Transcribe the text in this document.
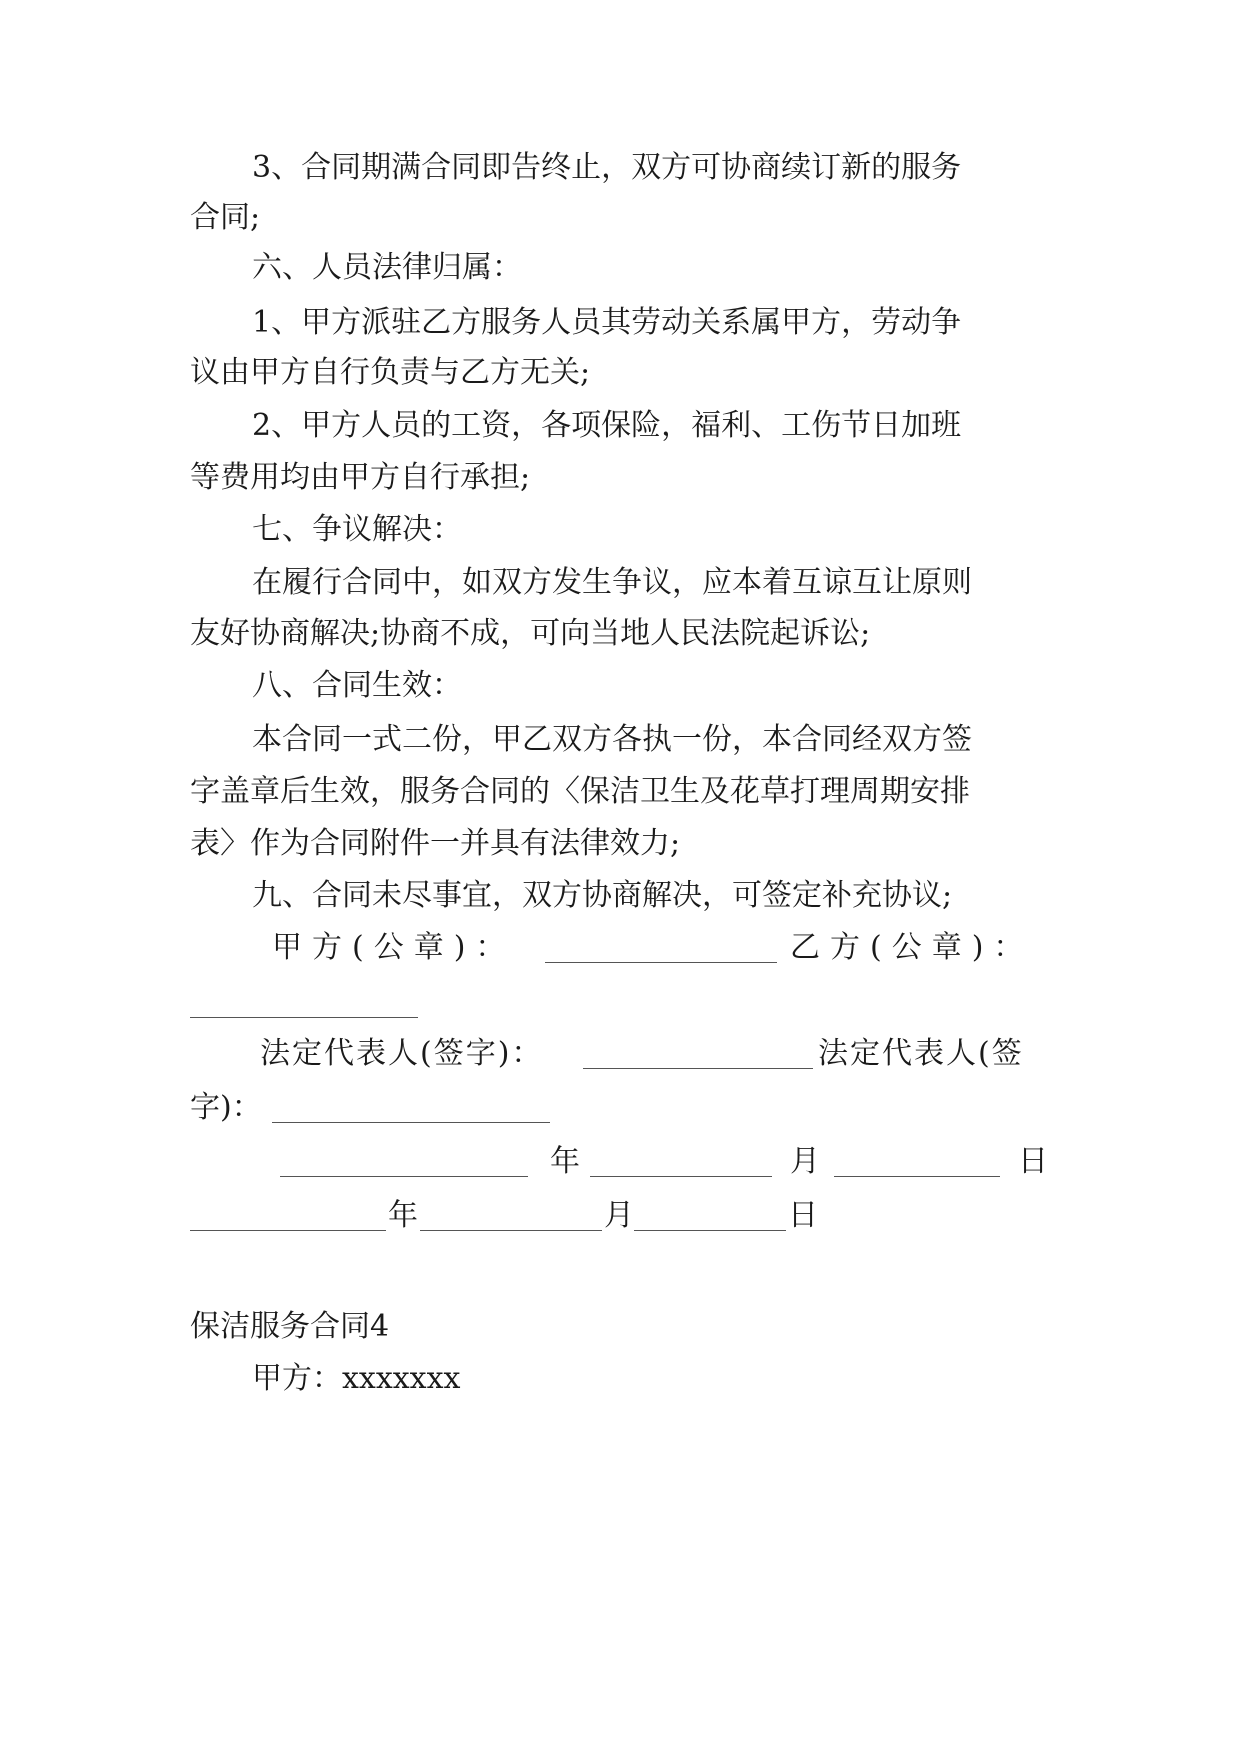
3、合同期满合同即告终止，双方可协商续订新的服务
合同;
六、人员法律归属：
1、甲方派驻乙方服务人员其劳动关系属甲方，劳动争
议由甲方自行负责与乙方无关;
2、甲方人员的工资，各项保险，福利、工伤节日加班
等费用均由甲方自行承担;
七、争议解决：
在履行合同中，如双方发生争议，应本着互谅互让原则
友好协商解决;协商不成，可向当地人民法院起诉讼;
八、合同生效：
本合同一式二份，甲乙双方各执一份，本合同经双方签
字盖章后生效，服务合同的〈保洁卫生及花草打理周期安排
表〉作为合同附件一并具有法律效力;
九、合同未尽事宜，双方协商解决，可签定补充协议;
甲方(公章)：	乙方(公章)：
法定代表人(签字)：	法定代表人(签
字)：
年	月	日
年	月	日
保洁服务合同4
甲方：xxxxxxx
